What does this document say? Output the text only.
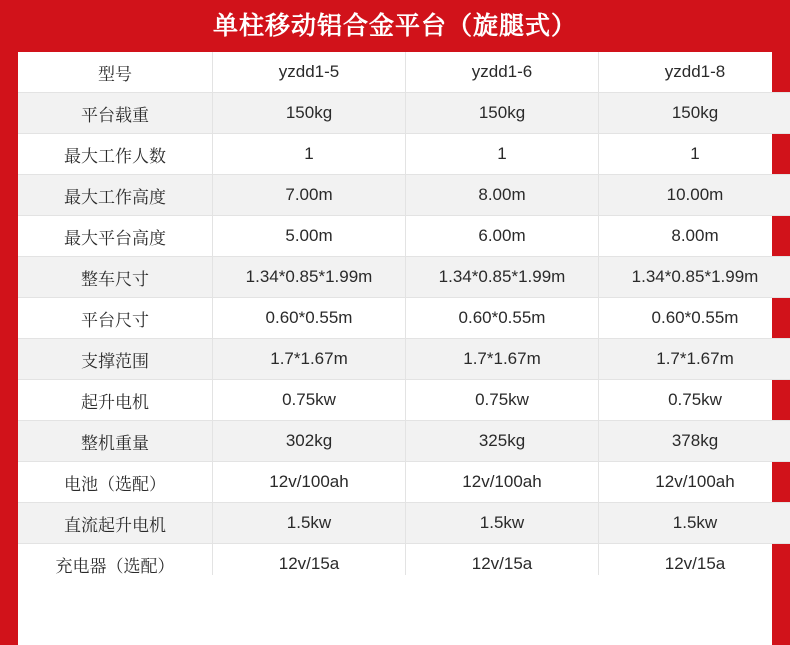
单柱移动铝合金平台（旋腿式）
型号	yzdd1-5	yzdd1-6	yzdd1-8
平台载重	150kg	150kg	150kg
最大工作人数	1	1	1
最大工作高度	7.00m	8.00m	10.00m
最大平台高度	5.00m	6.00m	8.00m
整车尺寸	1.34*0.85*1.99m	1.34*0.85*1.99m	1.34*0.85*1.99m
平台尺寸	0.60*0.55m	0.60*0.55m	0.60*0.55m
支撑范围	1.7*1.67m	1.7*1.67m	1.7*1.67m
起升电机	0.75kw	0.75kw	0.75kw
整机重量	302kg	325kg	378kg
电池（选配）	12v/100ah	12v/100ah	12v/100ah
直流起升电机	1.5kw	1.5kw	1.5kw
充电器（选配）	12v/15a	12v/15a	12v/15a
